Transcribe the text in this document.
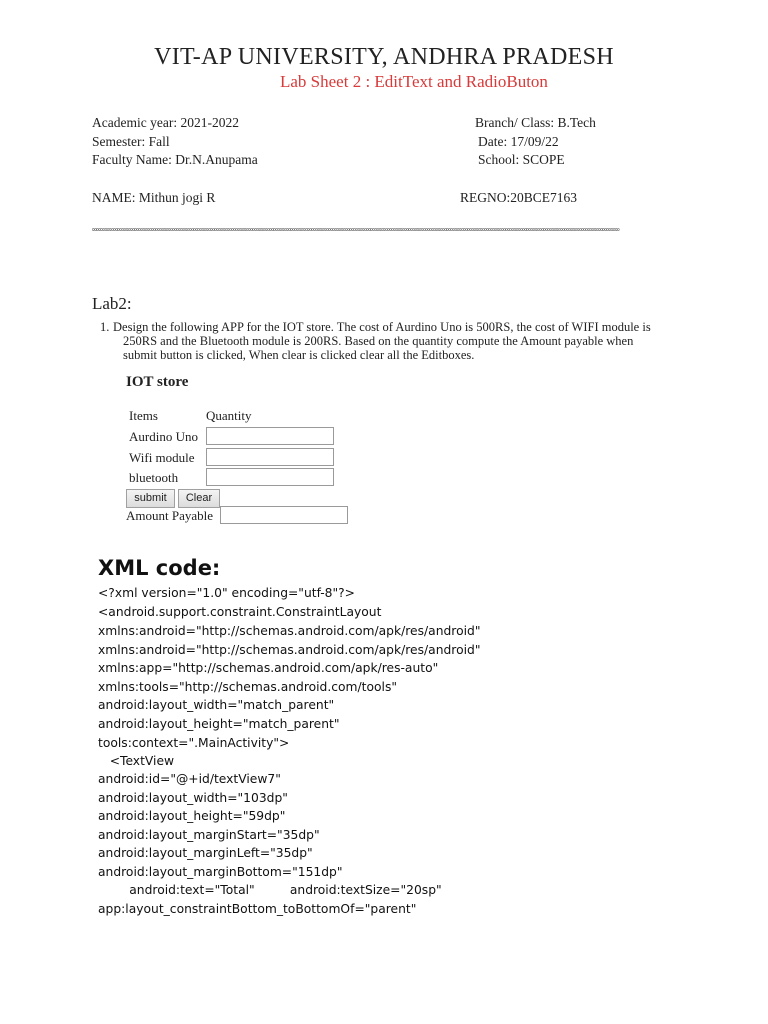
VIT-AP UNIVERSITY, ANDHRA PRADESH
Lab Sheet 2 : EditText and RadioButon
Academic year: 2021-2022	Branch/ Class: B.Tech
Semester: Fall	Date: 17/09/22
Faculty Name: Dr.N.Anupama	School: SCOPE
NAME: Mithun jogi R	REGNO:20BCE7163
∞∞∞∞∞∞∞∞∞∞∞∞∞∞∞∞∞∞∞∞∞∞∞∞∞∞∞∞∞∞∞∞∞∞∞∞∞∞∞∞∞∞∞∞∞∞∞∞∞∞∞∞∞∞∞∞∞∞∞∞∞∞∞∞∞∞∞∞∞∞∞∞∞∞∞∞∞∞∞∞∞∞∞∞∞∞∞∞∞∞∞∞∞∞∞∞∞∞∞∞∞∞∞∞∞∞∞∞∞∞∞∞∞∞∞∞∞∞∞∞∞∞∞∞∞
Lab2:
1. Design the following APP for the IOT store. The cost of Aurdino Uno is 500RS, the cost of WIFI module is
250RS and the Bluetooth module is 200RS. Based on the quantity compute the Amount payable when
submit button is clicked, When clear is clicked clear all the Editboxes.
IOT store
Items	Quantity
Aurdino Uno
Wifi module
bluetooth
submit	Clear
Amount Payable
XML code:
<?xml version="1.0" encoding="utf-8"?>
<android.support.constraint.ConstraintLayout
xmlns:android="http://schemas.android.com/apk/res/android"
xmlns:android="http://schemas.android.com/apk/res/android"
xmlns:app="http://schemas.android.com/apk/res-auto"
xmlns:tools="http://schemas.android.com/tools"
android:layout_width="match_parent"
android:layout_height="match_parent"
tools:context=".MainActivity">
<TextView
android:id="@+id/textView7"
android:layout_width="103dp"
android:layout_height="59dp"
android:layout_marginStart="35dp"
android:layout_marginLeft="35dp"
android:layout_marginBottom="151dp"
android:text="Total"         android:textSize="20sp"
app:layout_constraintBottom_toBottomOf="parent"
